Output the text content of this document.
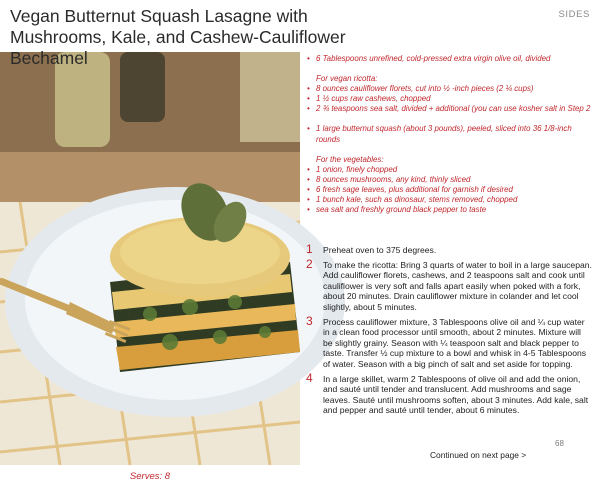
Serves: 8
Vegan Butternut Squash Lasagne with Mushrooms, Kale, and Cashew-Cauliflower Bechamel
SIDES
• 6 Tablespoons unrefined, cold-pressed extra virgin olive oil, divided
For vegan ricotta:
• 8 ounces cauliflower florets, cut into ½ -inch pieces (2 ¼ cups)
• 1 ½ cups raw cashews, chopped
• 2 ¾ teaspoons sea salt, divided + additional (you can use kosher salt in Step 2
• 1 large butternut squash (about 3 pounds), peeled, sliced into 36 1/8-inch rounds
For the vegetables:
• 1 onion, finely chopped
• 8 ounces mushrooms, any kind, thinly sliced
• 6 fresh sage leaves, plus additional for garnish if desired
• 1 bunch kale, such as dinosaur, stems removed, chopped
• sea salt and freshly ground black pepper to taste
1 Preheat oven to 375 degrees.
2 To make the ricotta: Bring 3 quarts of water to boil in a large saucepan. Add cauliflower florets, cashews, and 2 teaspoons salt and cook until cauliflower is very soft and falls apart easily when poked with a fork, about 20 minutes. Drain cauliflower mixture in colander and let cool slightly, about 5 minutes.
3 Process cauliflower mixture, 3 Tablespoons olive oil and ¼ cup water in a clean food processor until smooth, about 2 minutes. Mixture will be slightly grainy. Season with ¼ teaspoon salt and black pepper to taste. Transfer ½ cup mixture to a bowl and whisk in 4-5 Tablespoons of water. Season with a big pinch of salt and set aside for topping.
4 In a large skillet, warm 2 Tablespoons of olive oil and add the onion, and sauté until tender and translucent. Add mushrooms and sage leaves. Sauté until mushrooms soften, about 3 minutes. Add kale, salt and pepper and sauté until tender, about 6 minutes.
68
Continued on next page >
